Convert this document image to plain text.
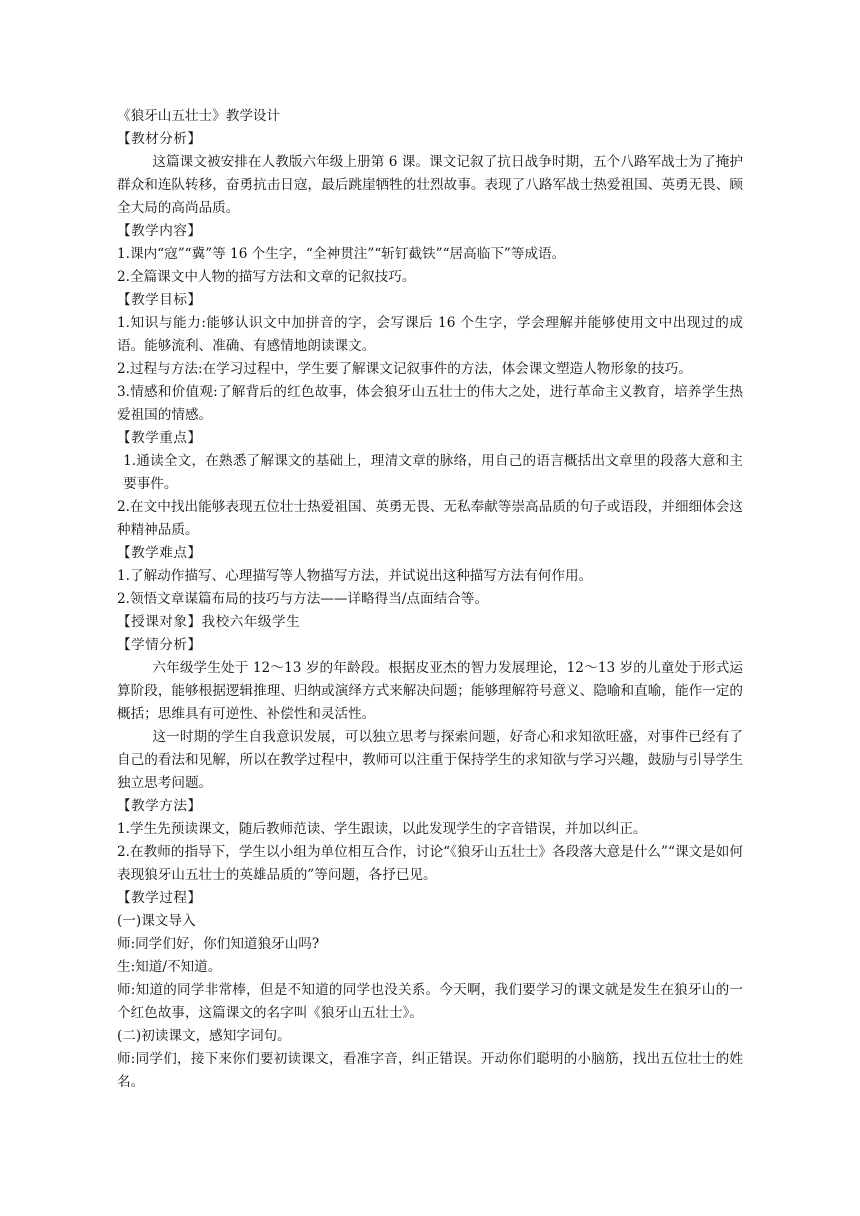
《狼牙山五壮士》教学设计
【教材分析】
这篇课文被安排在人教版六年级上册第 6 课。课文记叙了抗日战争时期，五个八路军战士为了掩护群众和连队转移，奋勇抗击日寇，最后跳崖牺牲的壮烈故事。表现了八路军战士热爱祖国、英勇无畏、顾全大局的高尚品质。
【教学内容】
1.课内“寇”“冀”等 16 个生字，“全神贯注”“斩钉截铁”“居高临下”等成语。
2.全篇课文中人物的描写方法和文章的记叙技巧。
【教学目标】
1.知识与能力:能够认识文中加拼音的字，会写课后 16 个生字，学会理解并能够使用文中出现过的成语。能够流利、准确、有感情地朗读课文。
2.过程与方法:在学习过程中，学生要了解课文记叙事件的方法，体会课文塑造人物形象的技巧。
3.情感和价值观:了解背后的红色故事，体会狼牙山五壮士的伟大之处，进行革命主义教育，培养学生热爱祖国的情感。
【教学重点】
1.通读全文，在熟悉了解课文的基础上，理清文章的脉络，用自己的语言概括出文章里的段落大意和主要事件。
2.在文中找出能够表现五位壮士热爱祖国、英勇无畏、无私奉献等崇高品质的句子或语段，并细细体会这种精神品质。
【教学难点】
1.了解动作描写、心理描写等人物描写方法，并试说出这种描写方法有何作用。
2.领悟文章谋篇布局的技巧与方法——详略得当/点面结合等。
【授课对象】我校六年级学生
【学情分析】
六年级学生处于 12～13 岁的年龄段。根据皮亚杰的智力发展理论，12～13 岁的儿童处于形式运算阶段，能够根据逻辑推理、归纳或演绎方式来解决问题；能够理解符号意义、隐喻和直喻，能作一定的概括；思维具有可逆性、补偿性和灵活性。
这一时期的学生自我意识发展，可以独立思考与探索问题，好奇心和求知欲旺盛，对事件已经有了自己的看法和见解，所以在教学过程中，教师可以注重于保持学生的求知欲与学习兴趣，鼓励与引导学生独立思考问题。
【教学方法】
1.学生先预读课文，随后教师范读、学生跟读，以此发现学生的字音错误，并加以纠正。
2.在教师的指导下，学生以小组为单位相互合作，讨论“《狼牙山五壮士》各段落大意是什么”“课文是如何表现狼牙山五壮士的英雄品质的”等问题，各抒已见。
【教学过程】
(一)课文导入
师:同学们好，你们知道狼牙山吗?
生:知道/不知道。
师:知道的同学非常棒，但是不知道的同学也没关系。今天啊，我们要学习的课文就是发生在狼牙山的一个红色故事，这篇课文的名字叫《狼牙山五壮士》。
(二)初读课文，感知字词句。
师:同学们，接下来你们要初读课文，看准字音，纠正错误。开动你们聪明的小脑筋，找出五位壮士的姓名。
